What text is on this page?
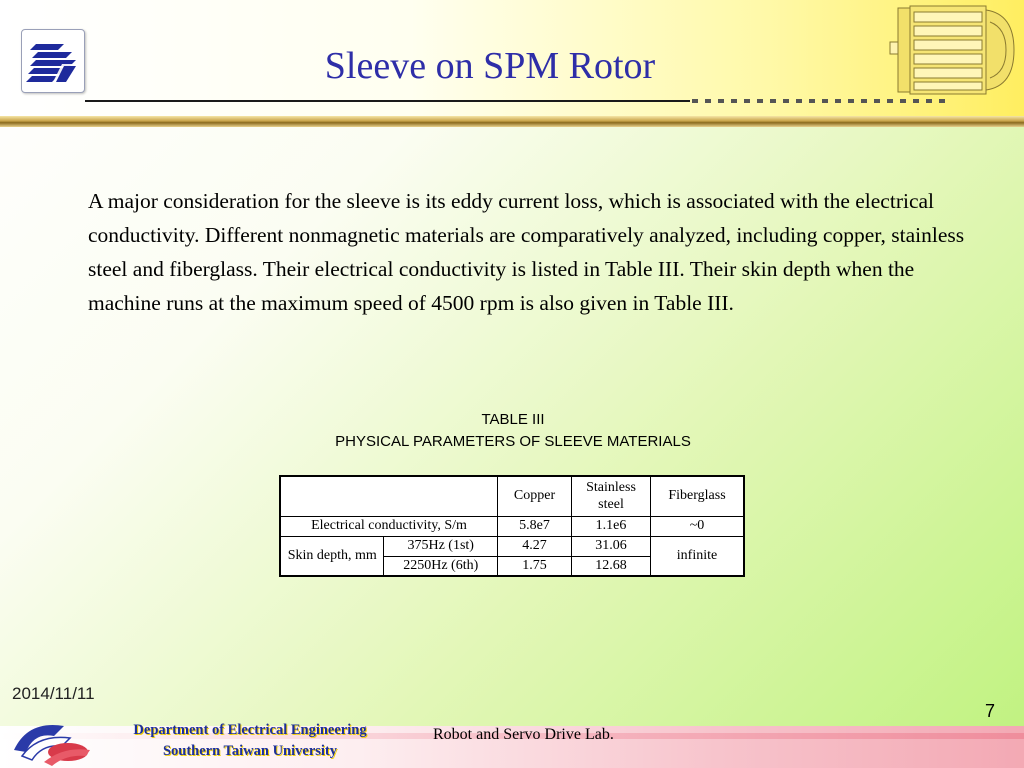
Sleeve on SPM Rotor
A major consideration for the sleeve is its eddy current loss, which is associated with the electrical conductivity. Different nonmagnetic materials are comparatively analyzed, including copper, stainless steel and fiberglass. Their electrical conductivity is listed in Table III. Their skin depth when the machine runs at the maximum speed of 4500 rpm is also given in Table III.
TABLE III
PHYSICAL PARAMETERS OF SLEEVE MATERIALS
		Copper	Stainless steel	Fiberglass
Electrical conductivity, S/m		5.8e7	1.1e6	~0
Skin depth, mm	375Hz (1st)	4.27	31.06	infinite
	2250Hz (6th)	1.75	12.68	
2014/11/11
7
Department of Electrical Engineering
Southern Taiwan University
Robot and Servo Drive Lab.
